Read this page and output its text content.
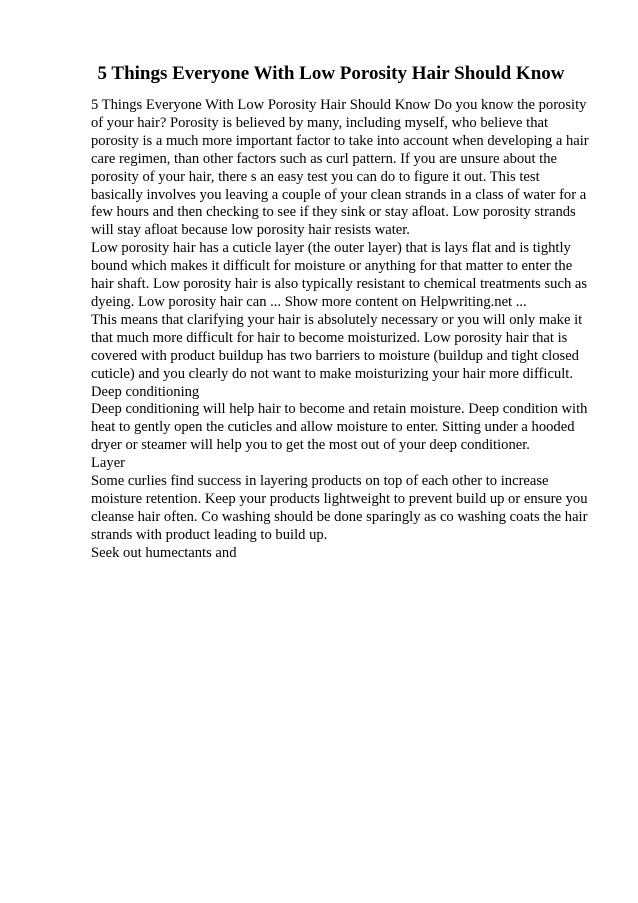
5 Things Everyone With Low Porosity Hair Should Know

5 Things Everyone With Low Porosity Hair Should Know Do you know the porosity of your hair? Porosity is believed by many, including myself, who believe that porosity is a much more important factor to take into account when developing a hair care regimen, than other factors such as curl pattern. If you are unsure about the porosity of your hair, there s an easy test you can do to figure it out. This test basically involves you leaving a couple of your clean strands in a class of water for a few hours and then checking to see if they sink or stay afloat. Low porosity strands will stay afloat because low porosity hair resists water.

Low porosity hair has a cuticle layer (the outer layer) that is lays flat and is tightly bound which makes it difficult for moisture or anything for that matter to enter the hair shaft. Low porosity hair is also typically resistant to chemical treatments such as dyeing. Low porosity hair can ... Show more content on Helpwriting.net ...

This means that clarifying your hair is absolutely necessary or you will only make it that much more difficult for hair to become moisturized. Low porosity hair that is covered with product buildup has two barriers to moisture (buildup and tight closed cuticle) and you clearly do not want to make moisturizing your hair more difficult.

Deep conditioning

Deep conditioning will help hair to become and retain moisture. Deep condition with heat to gently open the cuticles and allow moisture to enter. Sitting under a hooded dryer or steamer will help you to get the most out of your deep conditioner.

Layer

Some curlies find success in layering products on top of each other to increase moisture retention. Keep your products lightweight to prevent build up or ensure you cleanse hair often. Co washing should be done sparingly as co washing coats the hair strands with product leading to build up.

Seek out humectants and
